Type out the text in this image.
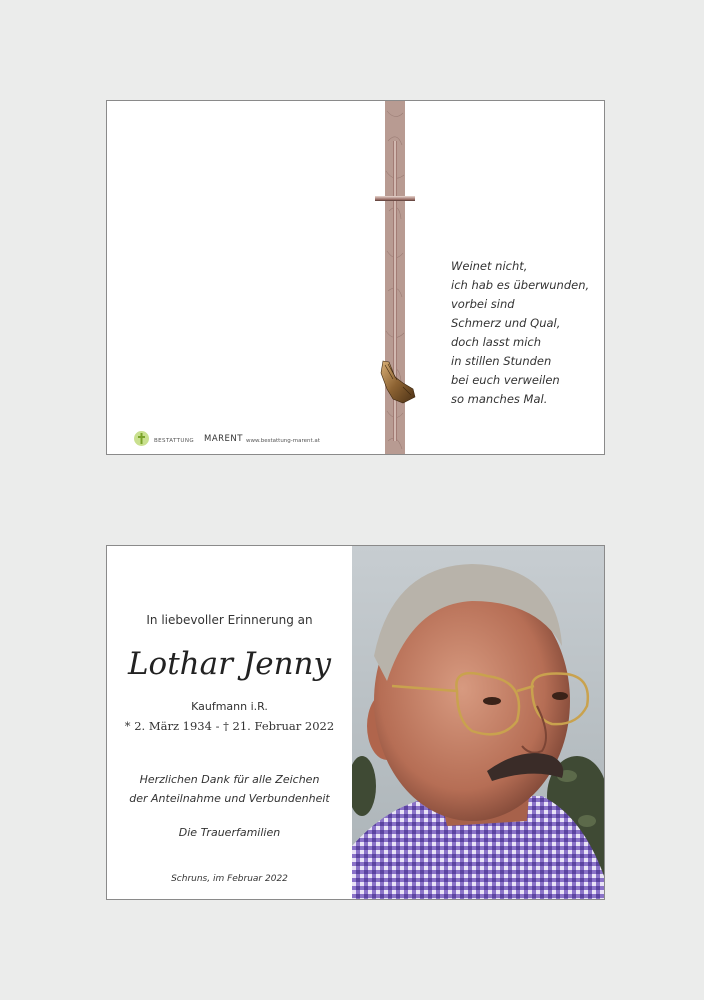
Weinet nicht,
ich hab es überwunden,
vorbei sind
Schmerz und Qual,
doch lasst mich
in stillen Stunden
bei euch verweilen
so manches Mal.
BESTATTUNG MARENT www.bestattung-marent.at
In liebevoller Erinnerung an
Lothar Jenny
Kaufmann i.R.
* 2. März 1934 - † 21. Februar 2022
Herzlichen Dank für alle Zeichen
der Anteilnahme und Verbundenheit
Die Trauerfamilien
Schruns, im Februar 2022
